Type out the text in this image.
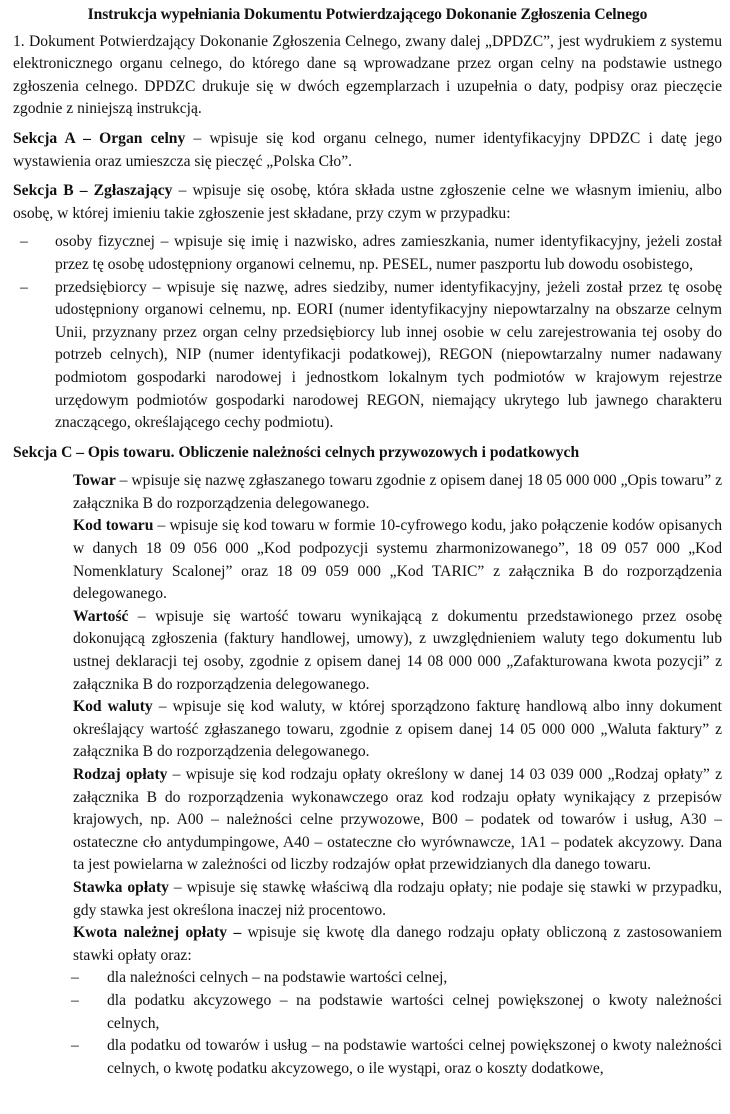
Instrukcja wypełniania Dokumentu Potwierdzającego Dokonanie Zgłoszenia Celnego

1. Dokument Potwierdzający Dokonanie Zgłoszenia Celnego, zwany dalej „DPDZC”, jest wydrukiem z systemu elektronicznego organu celnego, do którego dane są wprowadzane przez organ celny na podstawie ustnego zgłoszenia celnego. DPDZC drukuje się w dwóch egzemplarzach i uzupełnia o daty, podpisy oraz pieczęcie zgodnie z niniejszą instrukcją.

Sekcja A – Organ celny – wpisuje się kod organu celnego, numer identyfikacyjny DPDZC i datę jego wystawienia oraz umieszcza się pieczęć „Polska Cło”.

Sekcja B – Zgłaszający – wpisuje się osobę, która składa ustne zgłoszenie celne we własnym imieniu, albo osobę, w której imieniu takie zgłoszenie jest składane, przy czym w przypadku:

– osoby fizycznej – wpisuje się imię i nazwisko, adres zamieszkania, numer identyfikacyjny, jeżeli został przez tę osobę udostępniony organowi celnemu, np. PESEL, numer paszportu lub dowodu osobistego,
– przedsiębiorcy – wpisuje się nazwę, adres siedziby, numer identyfikacyjny, jeżeli został przez tę osobę udostępniony organowi celnemu, np. EORI (numer identyfikacyjny niepowtarzalny na obszarze celnym Unii, przyznany przez organ celny przedsiębiorcy lub innej osobie w celu zarejestrowania tej osoby do potrzeb celnych), NIP (numer identyfikacji podatkowej), REGON (niepowtarzalny numer nadawany podmiotom gospodarki narodowej i jednostkom lokalnym tych podmiotów w krajowym rejestrze urzędowym podmiotów gospodarki narodowej REGON, niemający ukrytego lub jawnego charakteru znaczącego, określającego cechy podmiotu).

Sekcja C – Opis towaru. Obliczenie należności celnych przywozowych i podatkowych

Towar – wpisuje się nazwę zgłaszanego towaru zgodnie z opisem danej 18 05 000 000 „Opis towaru” z załącznika B do rozporządzenia delegowanego.

Kod towaru – wpisuje się kod towaru w formie 10-cyfrowego kodu, jako połączenie kodów opisanych w danych 18 09 056 000 „Kod podpozycji systemu zharmonizowanego”, 18 09 057 000 „Kod Nomenklatury Scalonej” oraz 18 09 059 000 „Kod TARIC” z załącznika B do rozporządzenia delegowanego.

Wartość – wpisuje się wartość towaru wynikającą z dokumentu przedstawionego przez osobę dokonującą zgłoszenia (faktury handlowej, umowy), z uwzględnieniem waluty tego dokumentu lub ustnej deklaracji tej osoby, zgodnie z opisem danej 14 08 000 000 „Zafakturowana kwota pozycji” z załącznika B do rozporządzenia delegowanego.

Kod waluty – wpisuje się kod waluty, w której sporządzono fakturę handlową albo inny dokument określający wartość zgłaszanego towaru, zgodnie z opisem danej 14 05 000 000 „Waluta faktury” z załącznika B do rozporządzenia delegowanego.

Rodzaj opłaty – wpisuje się kod rodzaju opłaty określony w danej 14 03 039 000 „Rodzaj opłaty” z załącznika B do rozporządzenia wykonawczego oraz kod rodzaju opłaty wynikający z przepisów krajowych, np. A00 – należności celne przywozowe, B00 – podatek od towarów i usług, A30 – ostateczne cło antydumpingowe, A40 – ostateczne cło wyrównawcze, 1A1 – podatek akcyzowy. Dana ta jest powielarna w zależności od liczby rodzajów opłat przewidzianych dla danego towaru.

Stawka opłaty – wpisuje się stawkę właściwą dla rodzaju opłaty; nie podaje się stawki w przypadku, gdy stawka jest określona inaczej niż procentowo.

Kwota należnej opłaty – wpisuje się kwotę dla danego rodzaju opłaty obliczoną z zastosowaniem stawki opłaty oraz:

– dla należności celnych – na podstawie wartości celnej,
– dla podatku akcyzowego – na podstawie wartości celnej powiększonej o kwoty należności celnych,
– dla podatku od towarów i usług – na podstawie wartości celnej powiększonej o kwoty należności celnych, o kwotę podatku akcyzowego, o ile wystąpi, oraz o koszty dodatkowe,
